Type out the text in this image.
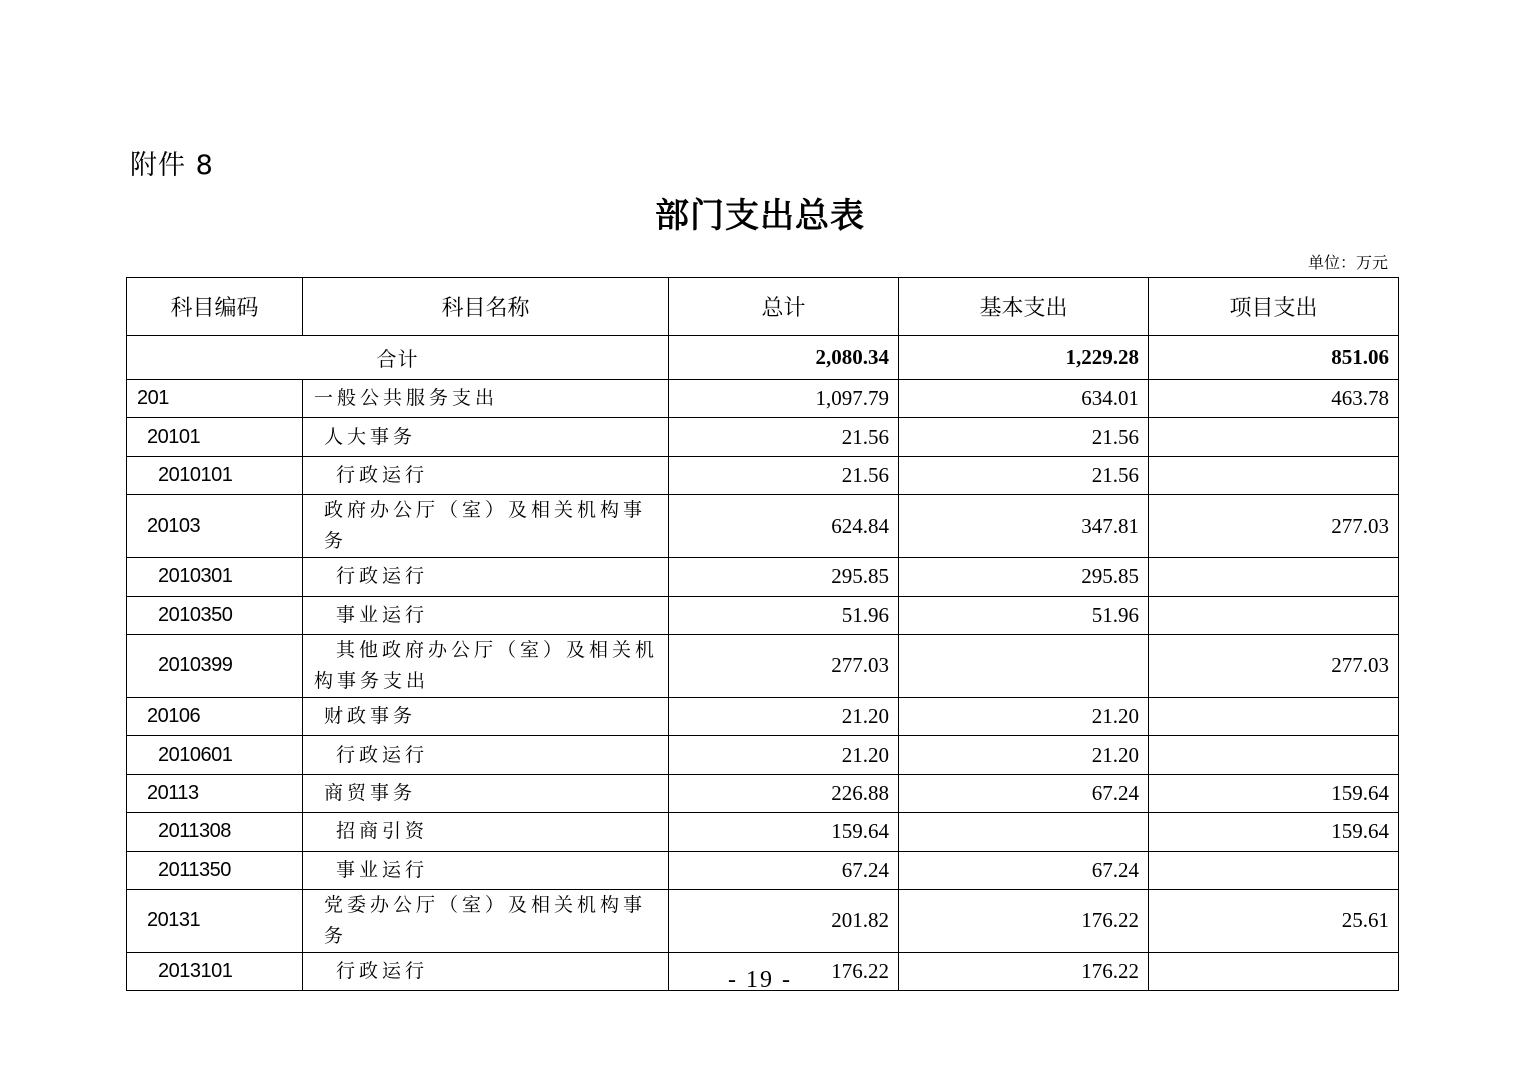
附件 8
部门支出总表
单位：万元
科目编码	科目名称	总计	基本支出	项目支出
合计		2,080.34	1,229.28	851.06
201	一般公共服务支出	1,097.79	634.01	463.78
20101	人大事务	21.56	21.56	
2010101	行政运行	21.56	21.56	
20103	政府办公厅（室）及相关机构事务	624.84	347.81	277.03
2010301	行政运行	295.85	295.85	
2010350	事业运行	51.96	51.96	
2010399	其他政府办公厅（室）及相关机构事务支出	277.03		277.03
20106	财政事务	21.20	21.20	
2010601	行政运行	21.20	21.20	
20113	商贸事务	226.88	67.24	159.64
2011308	招商引资	159.64		159.64
2011350	事业运行	67.24	67.24	
20131	党委办公厅（室）及相关机构事务	201.82	176.22	25.61
2013101	行政运行	176.22	176.22	
- 19 -
